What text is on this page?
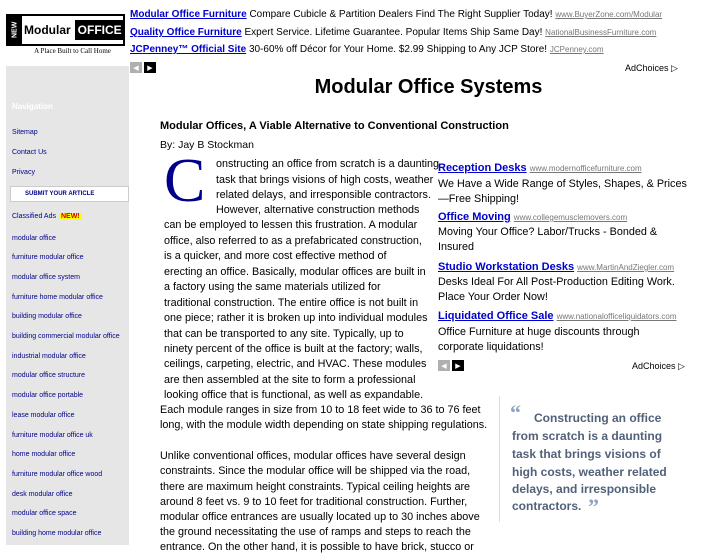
NEW Modular OFFICE
A Place Built to Call Home
Navigation
Sitemap
Contact Us
Privacy
SUBMIT YOUR ARTICLE
Classified Ads NEW!
modular office
furniture modular office
modular office system
furniture home modular office
building modular office
building commercial modular office
industrial modular office
modular office structure
modular office portable
lease modular office
furniture modular office uk
home modular office
furniture modular office wood
desk modular office
modular office space
building home modular office
Modular Office Furniture Compare Cubicle & Partition Dealers Find The Right Supplier Today! www.BuyerZone.com/Modular
Quality Office Furniture Expert Service. Lifetime Guarantee. Popular Items Ship Same Day! NationalBusinessFurniture.com
JCPenney™ Official Site 30-60% off Décor for Your Home. $2.99 Shipping to Any JCP Store! JCPenney.com
◀	▶	AdChoices ▷
Modular Office Systems
Modular Offices, A Viable Alternative to Conventional Construction
By: Jay B Stockman
C onstructing an office from scratch is a daunting
task that brings visions of high costs, weather
related delays, and irresponsible contractors.
However, alternative construction methods
can be employed to lessen this frustration. A modular
office, also referred to as a prefabricated construction,
is a quicker, and more cost effective method of
erecting an office. Basically, modular offices are built in
a factory using the same materials utilized for
traditional construction. The entire office is not built in
one piece; rather it is broken up into individual modules
that can be transported to any site. Typically, up to
ninety percent of the office is built at the factory; walls,
ceilings, carpeting, electric, and HVAC. These modules
are then assembled at the site to form a professional
looking office that is functional, as well as expandable.
Each module ranges in size from 10 to 18 feet wide to 36 to 76 feet
long, with the module width depending on state shipping regulations.
Unlike conventional offices, modular offices have several design
constraints. Since the modular office will be shipped via the road,
there are maximum height constraints. Typical ceiling heights are
around 8 feet vs. 9 to 10 feet for traditional construction. Further,
modular office entrances are usually located up to 30 inches above
the ground necessitating the use of ramps and steps to reach the
entrance. On the other hand, it is possible to have brick, stucco or
Reception Desks www.modernofficefurniture.com
We Have a Wide Range of Styles, Shapes, & Prices
—Free Shipping!
Office Moving www.collegemusclemovers.com
Moving Your Office? Labor/Trucks - Bonded &
Insured
Studio Workstation Desks www.MartinAndZiegler.com
Desks Ideal For All Post-Production Editing Work.
Place Your Order Now!
Liquidated Office Sale www.nationalofficeliquidators.com
Office Furniture at huge discounts through
corporate liquidations!
◀	▶	AdChoices ▷
“ Constructing an office
from scratch is a daunting
task that brings visions of
high costs, weather related
delays, and irresponsible
contractors. ”
